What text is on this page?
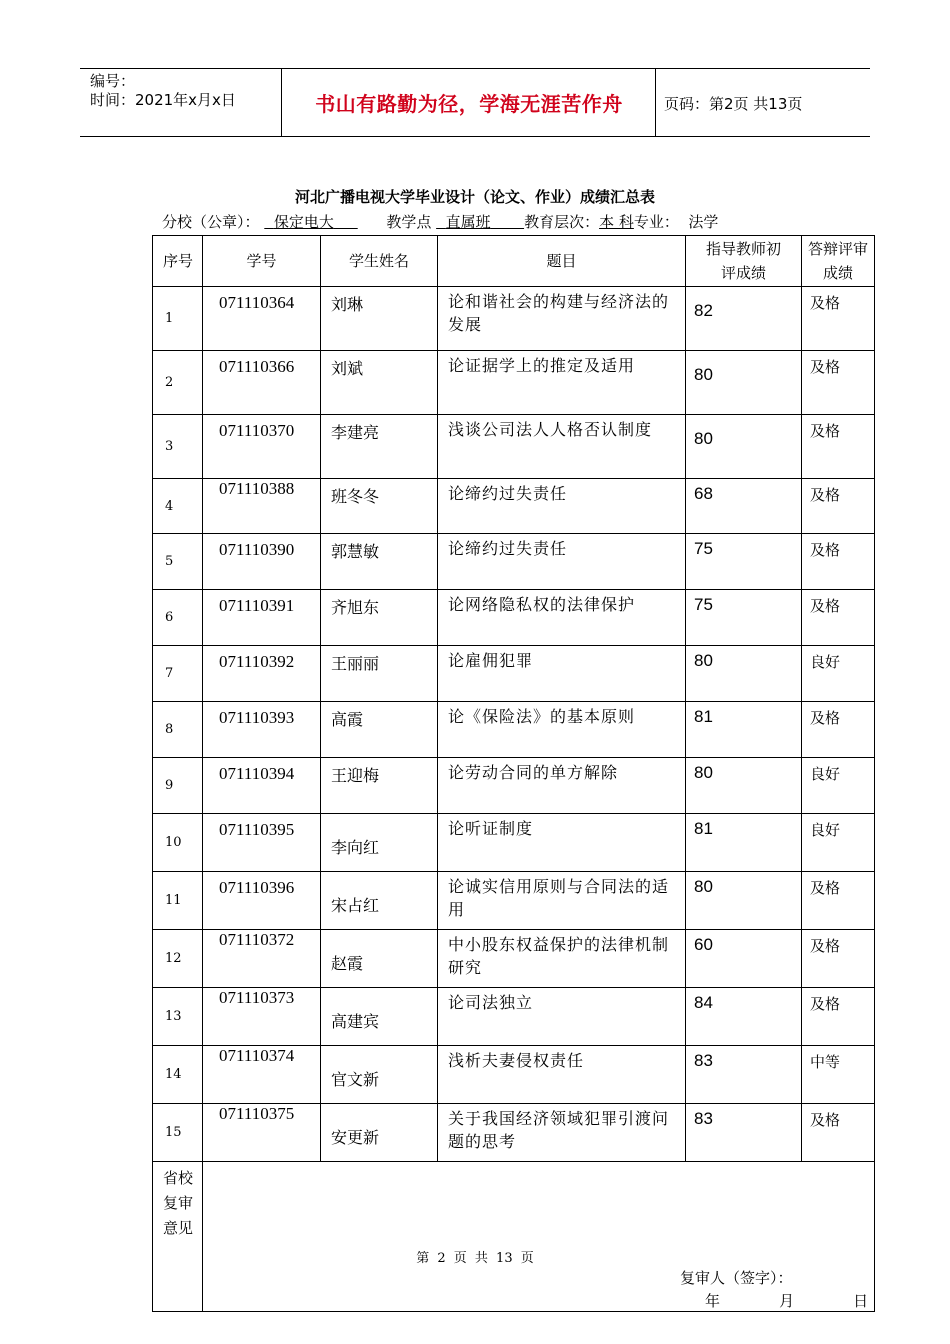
编号：
时间：2021年x月x日	书山有路勤为径，学海无涯苦作舟	页码：第2页 共13页
河北广播电视大学毕业设计（论文、作业）成绩汇总表
分校（公章）： 保定电大	教学点 直属班 教育层次：本 科专业： 法学
序号	学号	学生姓名	题目	指导教师初评成绩	答辩评审成绩
1	071110364	刘琳	论和谐社会的构建与经济法的发展	82	及格
2	071110366	刘斌	论证据学上的推定及适用	80	及格
3	071110370	李建亮	浅谈公司法人人格否认制度	80	及格
4	071110388	班冬冬	论缔约过失责任	68	及格
5	071110390	郭慧敏	论缔约过失责任	75	及格
6	071110391	齐旭东	论网络隐私权的法律保护	75	及格
7	071110392	王丽丽	论雇佣犯罪	80	良好
8	071110393	高霞	论《保险法》的基本原则	81	及格
9	071110394	王迎梅	论劳动合同的单方解除	80	良好
10	071110395	李向红	论听证制度	81	良好
11	071110396	宋占红	论诚实信用原则与合同法的适用	80	及格
12	071110372	赵霞	中小股东权益保护的法律机制研究	60	及格
13	071110373	高建宾	论司法独立	84	及格
14	071110374	官文新	浅析夫妻侵权责任	83	中等
15	071110375	安更新	关于我国经济领域犯罪引渡问题的思考	83	及格
省校复审意见	复审人（签字）：
年    月    日				
第 2 页 共 13 页
